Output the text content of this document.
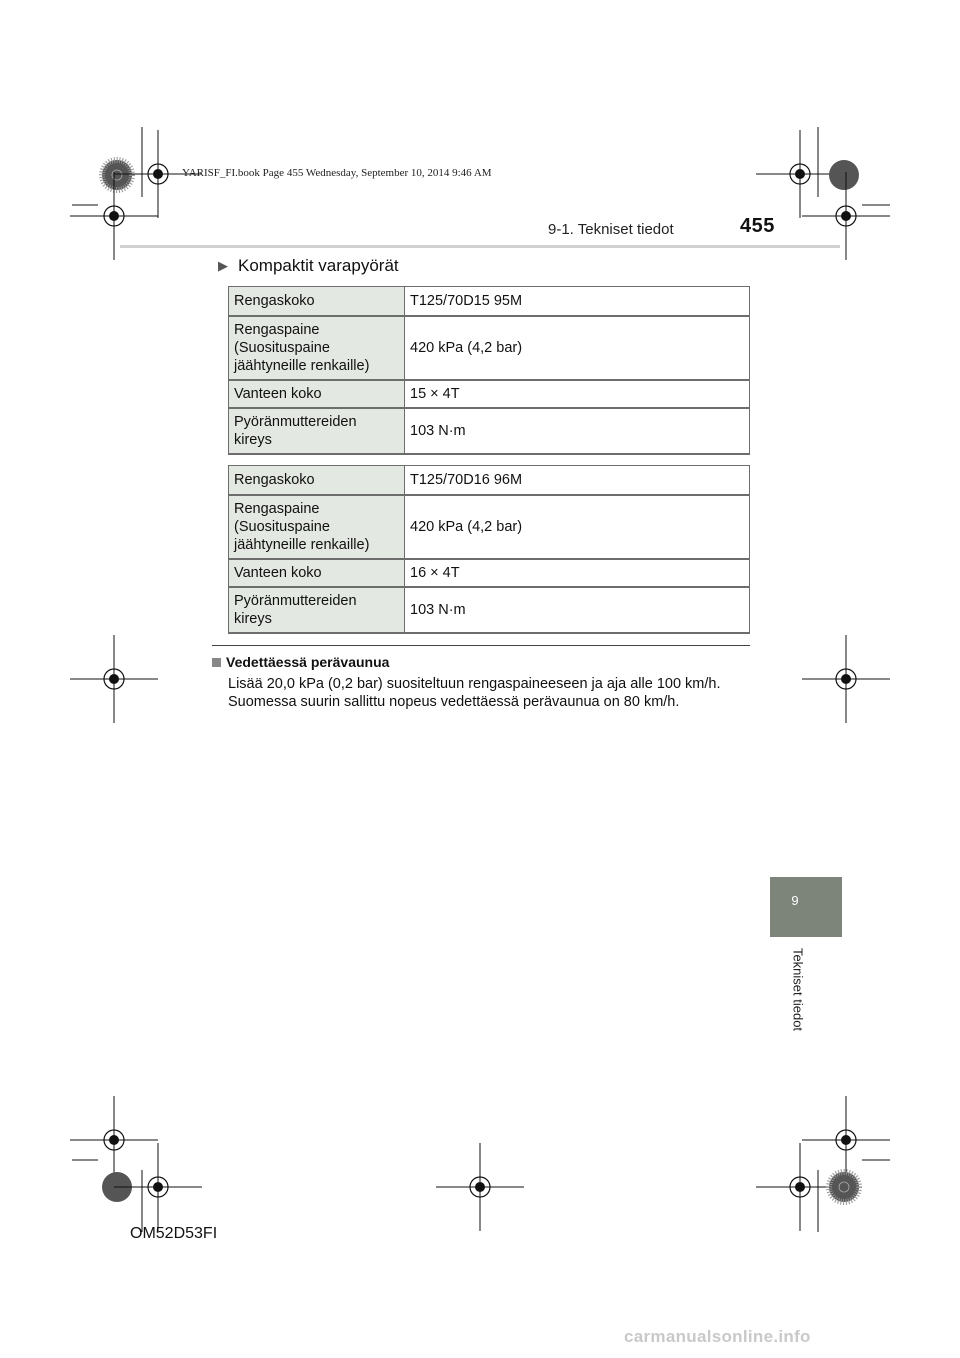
YARISF_FI.book Page 455 Wednesday, September 10, 2014 9:46 AM
9-1. Tekniset tiedot	455
▶ Kompaktit varapyörät
Rengaskoko	T125/70D15 95M
Rengaspaine
(Suosituspaine
jäähtyneille renkaille)	420 kPa (4,2 bar)
Vanteen koko	15 × 4T
Pyöränmuttereiden
kireys	103 N·m
Rengaskoko	T125/70D16 96M
Rengaspaine
(Suosituspaine
jäähtyneille renkaille)	420 kPa (4,2 bar)
Vanteen koko	16 × 4T
Pyöränmuttereiden
kireys	103 N·m
Vedettäessä perävaunua
Lisää 20,0 kPa (0,2 bar) suositeltuun rengaspaineeseen ja aja alle 100 km/h.
Suomessa suurin sallittu nopeus vedettäessä perävaunua on 80 km/h.
9
Tekniset tiedot
OM52D53FI
carmanualsonline.info
